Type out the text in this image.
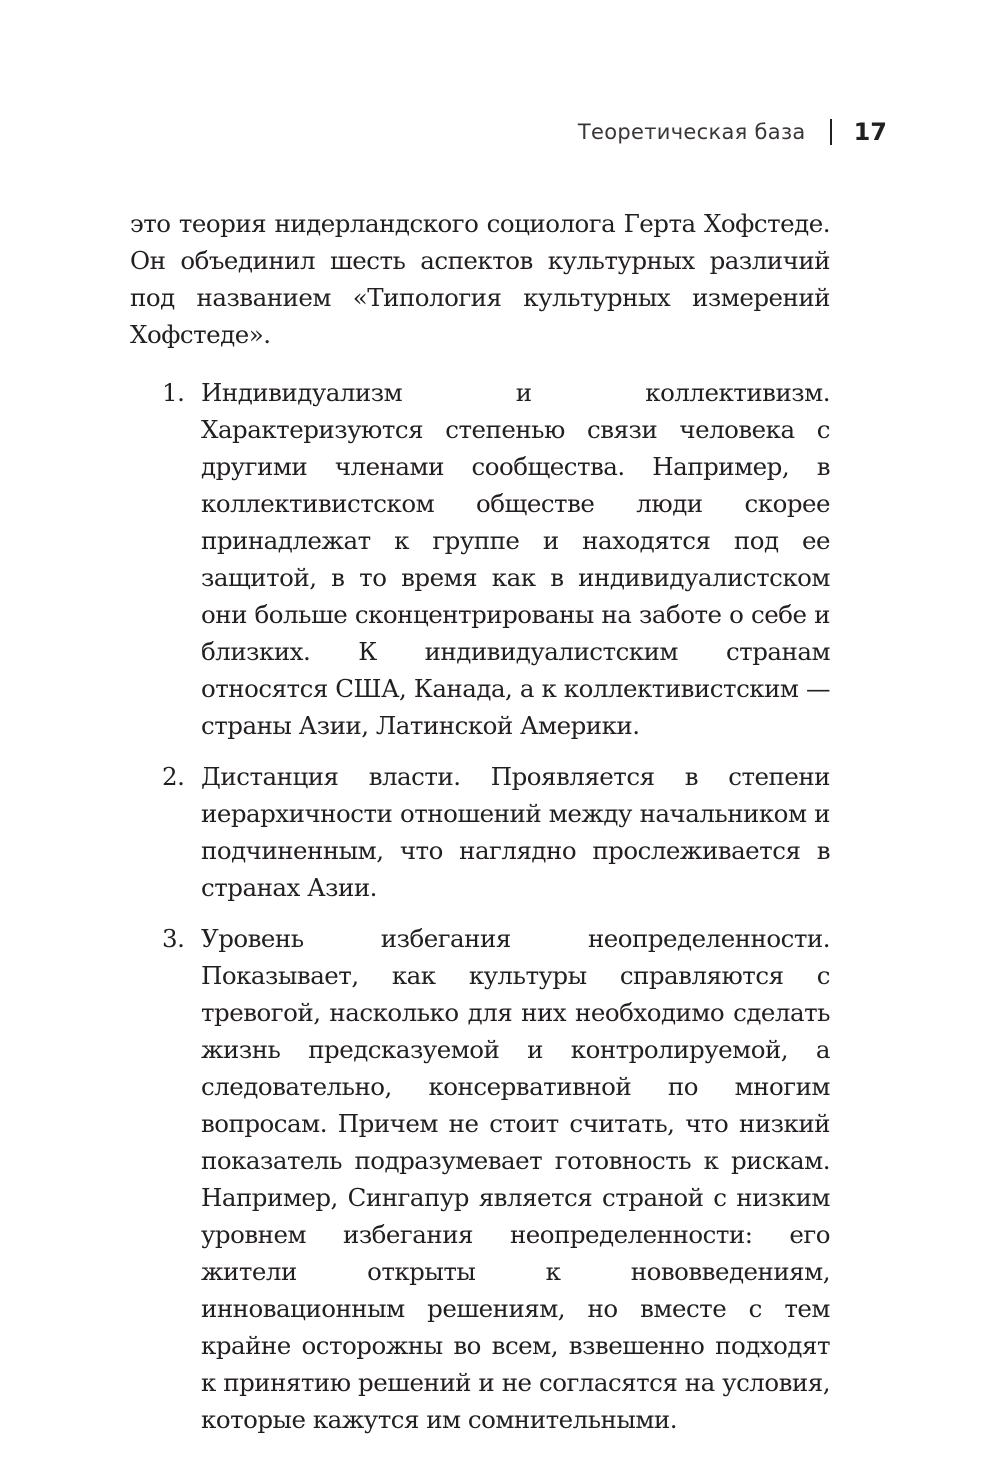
Теоретическая база 17

это теория нидерландского социолога Герта Хофстеде. Он объединил шесть аспектов культурных различий под названием «Типология культурных измерений Хофстеде».

1. Индивидуализм и коллективизм. Характеризуются степенью связи человека с другими членами сообщества. Например, в коллективистском обществе люди скорее принадлежат к группе и находятся под ее защитой, в то время как в индивидуалистском они больше сконцентрированы на заботе о себе и близких. К индивидуалистским странам относятся США, Канада, а к коллективистским — страны Азии, Латинской Америки.
2. Дистанция власти. Проявляется в степени иерархичности отношений между начальником и подчиненным, что наглядно прослеживается в странах Азии.
3. Уровень избегания неопределенности. Показывает, как культуры справляются с тревогой, насколько для них необходимо сделать жизнь предсказуемой и контролируемой, а следовательно, консервативной по многим вопросам. Причем не стоит считать, что низкий показатель подразумевает готовность к рискам. Например, Сингапур является страной с низким уровнем избегания неопределенности: его жители открыты к нововведениям, инновационным решениям, но вместе с тем крайне осторожны во всем, взвешенно подходят к принятию решений и не согласятся на условия, которые кажутся им сомнительными.
